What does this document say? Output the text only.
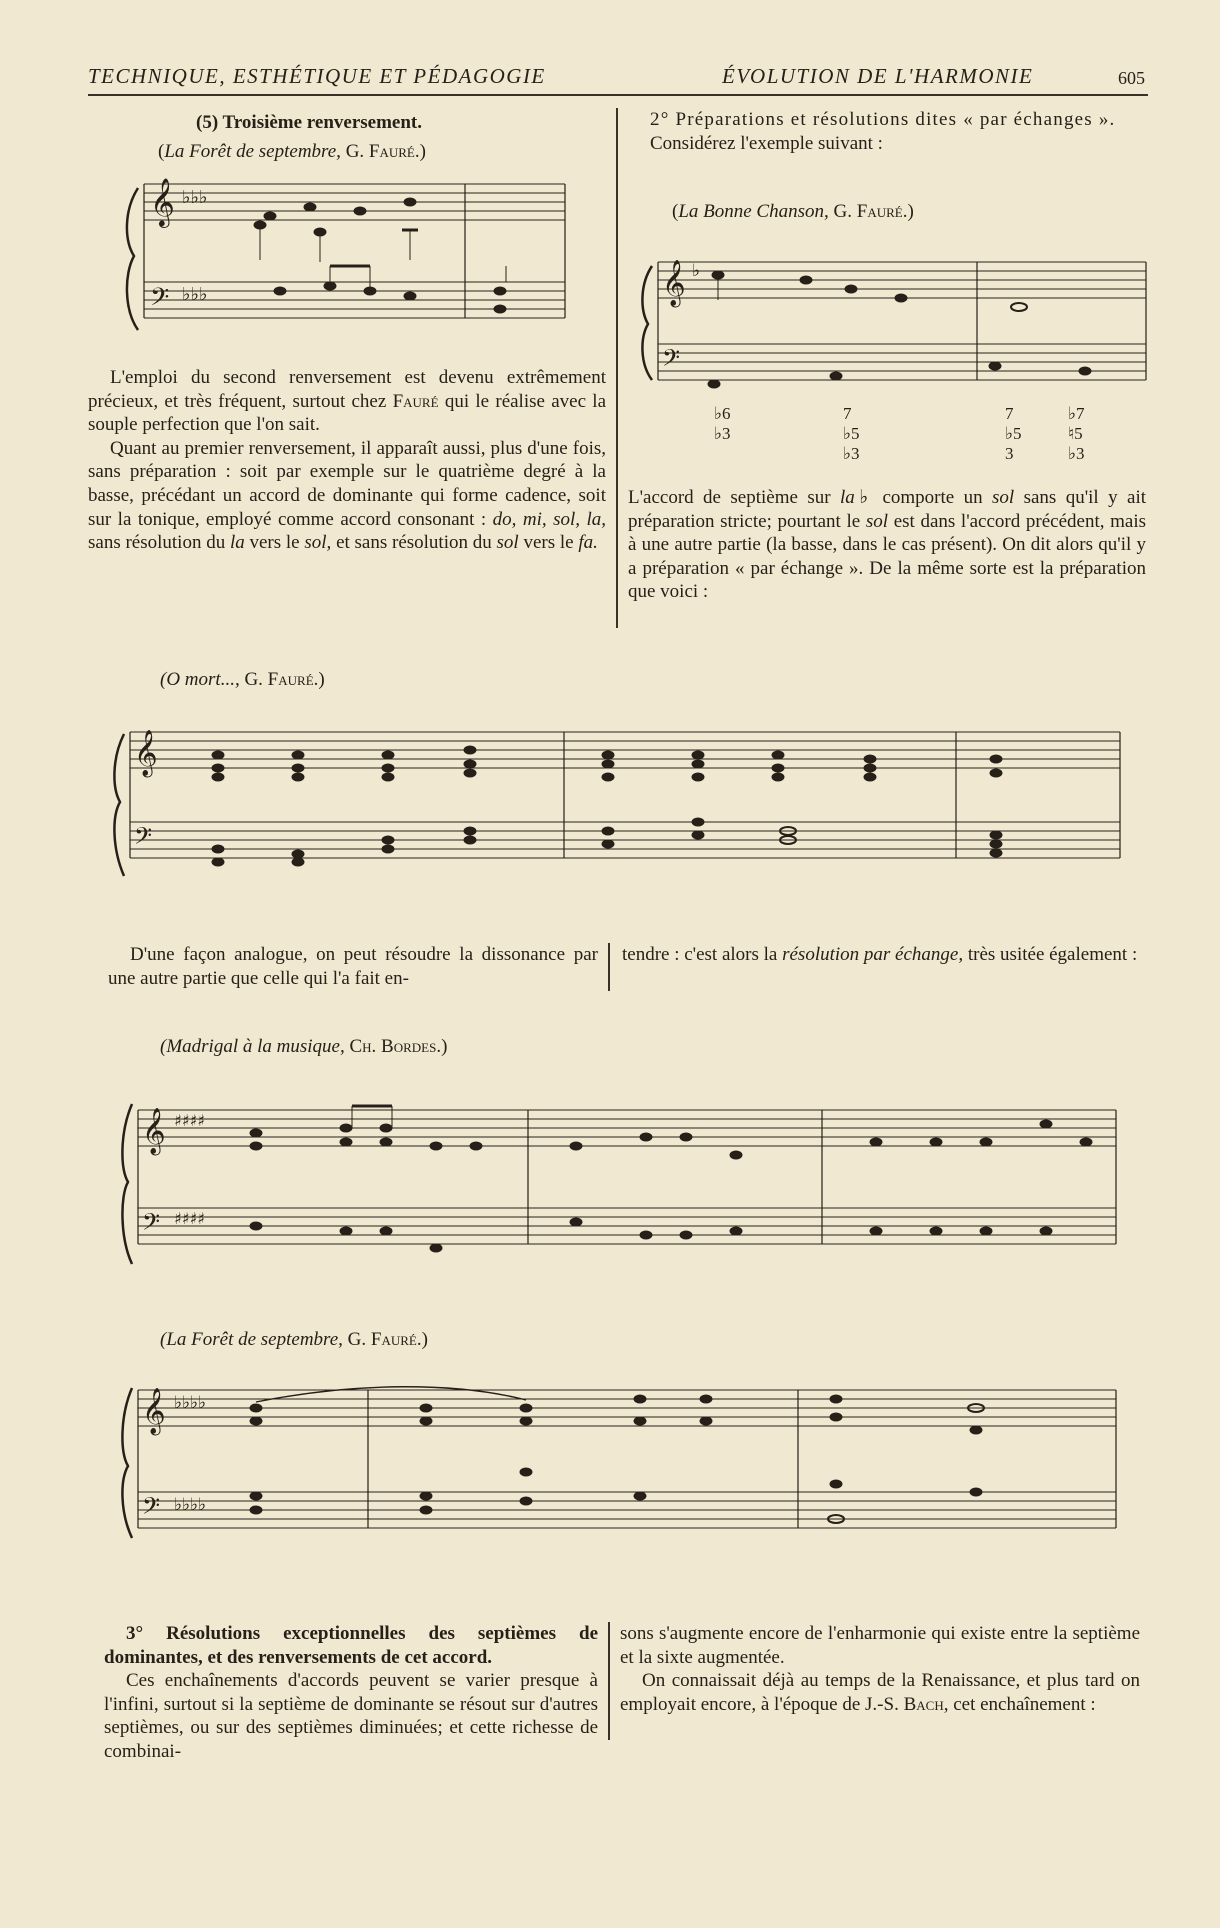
TECHNIQUE, ESTHÉTIQUE ET PÉDAGOGIE	ÉVOLUTION DE L'HARMONIE	605
(5) Troisième renversement.
(La Forêt de septembre, G. Fauré.)
𝄞
𝄢
♭♭♭
♭♭♭

L'emploi du second renversement est devenu extrêmement précieux, et très fréquent, surtout chez Fauré qui le réalise avec la souple perfection que l'on sait.

Quant au premier renversement, il apparaît aussi, plus d'une fois, sans préparation : soit par exemple sur le quatrième degré à la basse, précédant un accord de dominante qui forme cadence, soit sur la tonique, employé comme accord consonant : do, mi, sol, la, sans résolution du la vers le sol, et sans résolution du sol vers le fa.

2° Préparations et résolutions dites « par échanges ».

Considérez l'exemple suivant :

(La Bonne Chanson, G. Fauré.)
𝄞
𝄢
♭
♭6
♭3
7
♭5
♭3
7
♭5
3
♭7
♮5
♭3

L'accord de septième sur la♭ comporte un sol sans qu'il y ait préparation stricte; pourtant le sol est dans l'accord précédent, mais à une autre partie (la basse, dans le cas présent). On dit alors qu'il y a préparation « par échange ». De la même sorte est la préparation que voici :

(O mort..., G. Fauré.)
𝄞
𝄢

D'une façon analogue, on peut résoudre la dissonance par une autre partie que celle qui l'a fait en-

tendre : c'est alors la résolution par échange, très usitée également :

(Madrigal à la musique, Ch. Bordes.)
𝄞
𝄢
♯♯♯♯
♯♯♯♯
(La Forêt de septembre, G. Fauré.)
𝄞
𝄢
♭♭♭♭
♭♭♭♭

3° Résolutions exceptionnelles des septièmes de dominantes, et des renversements de cet accord.

Ces enchaînements d'accords peuvent se varier presque à l'infini, surtout si la septième de dominante se résout sur d'autres septièmes, ou sur des septièmes diminuées; et cette richesse de combinai-

sons s'augmente encore de l'enharmonie qui existe entre la septième et la sixte augmentée.

On connaissait déjà au temps de la Renaissance, et plus tard on employait encore, à l'époque de J.-S. Bach, cet enchaînement :
